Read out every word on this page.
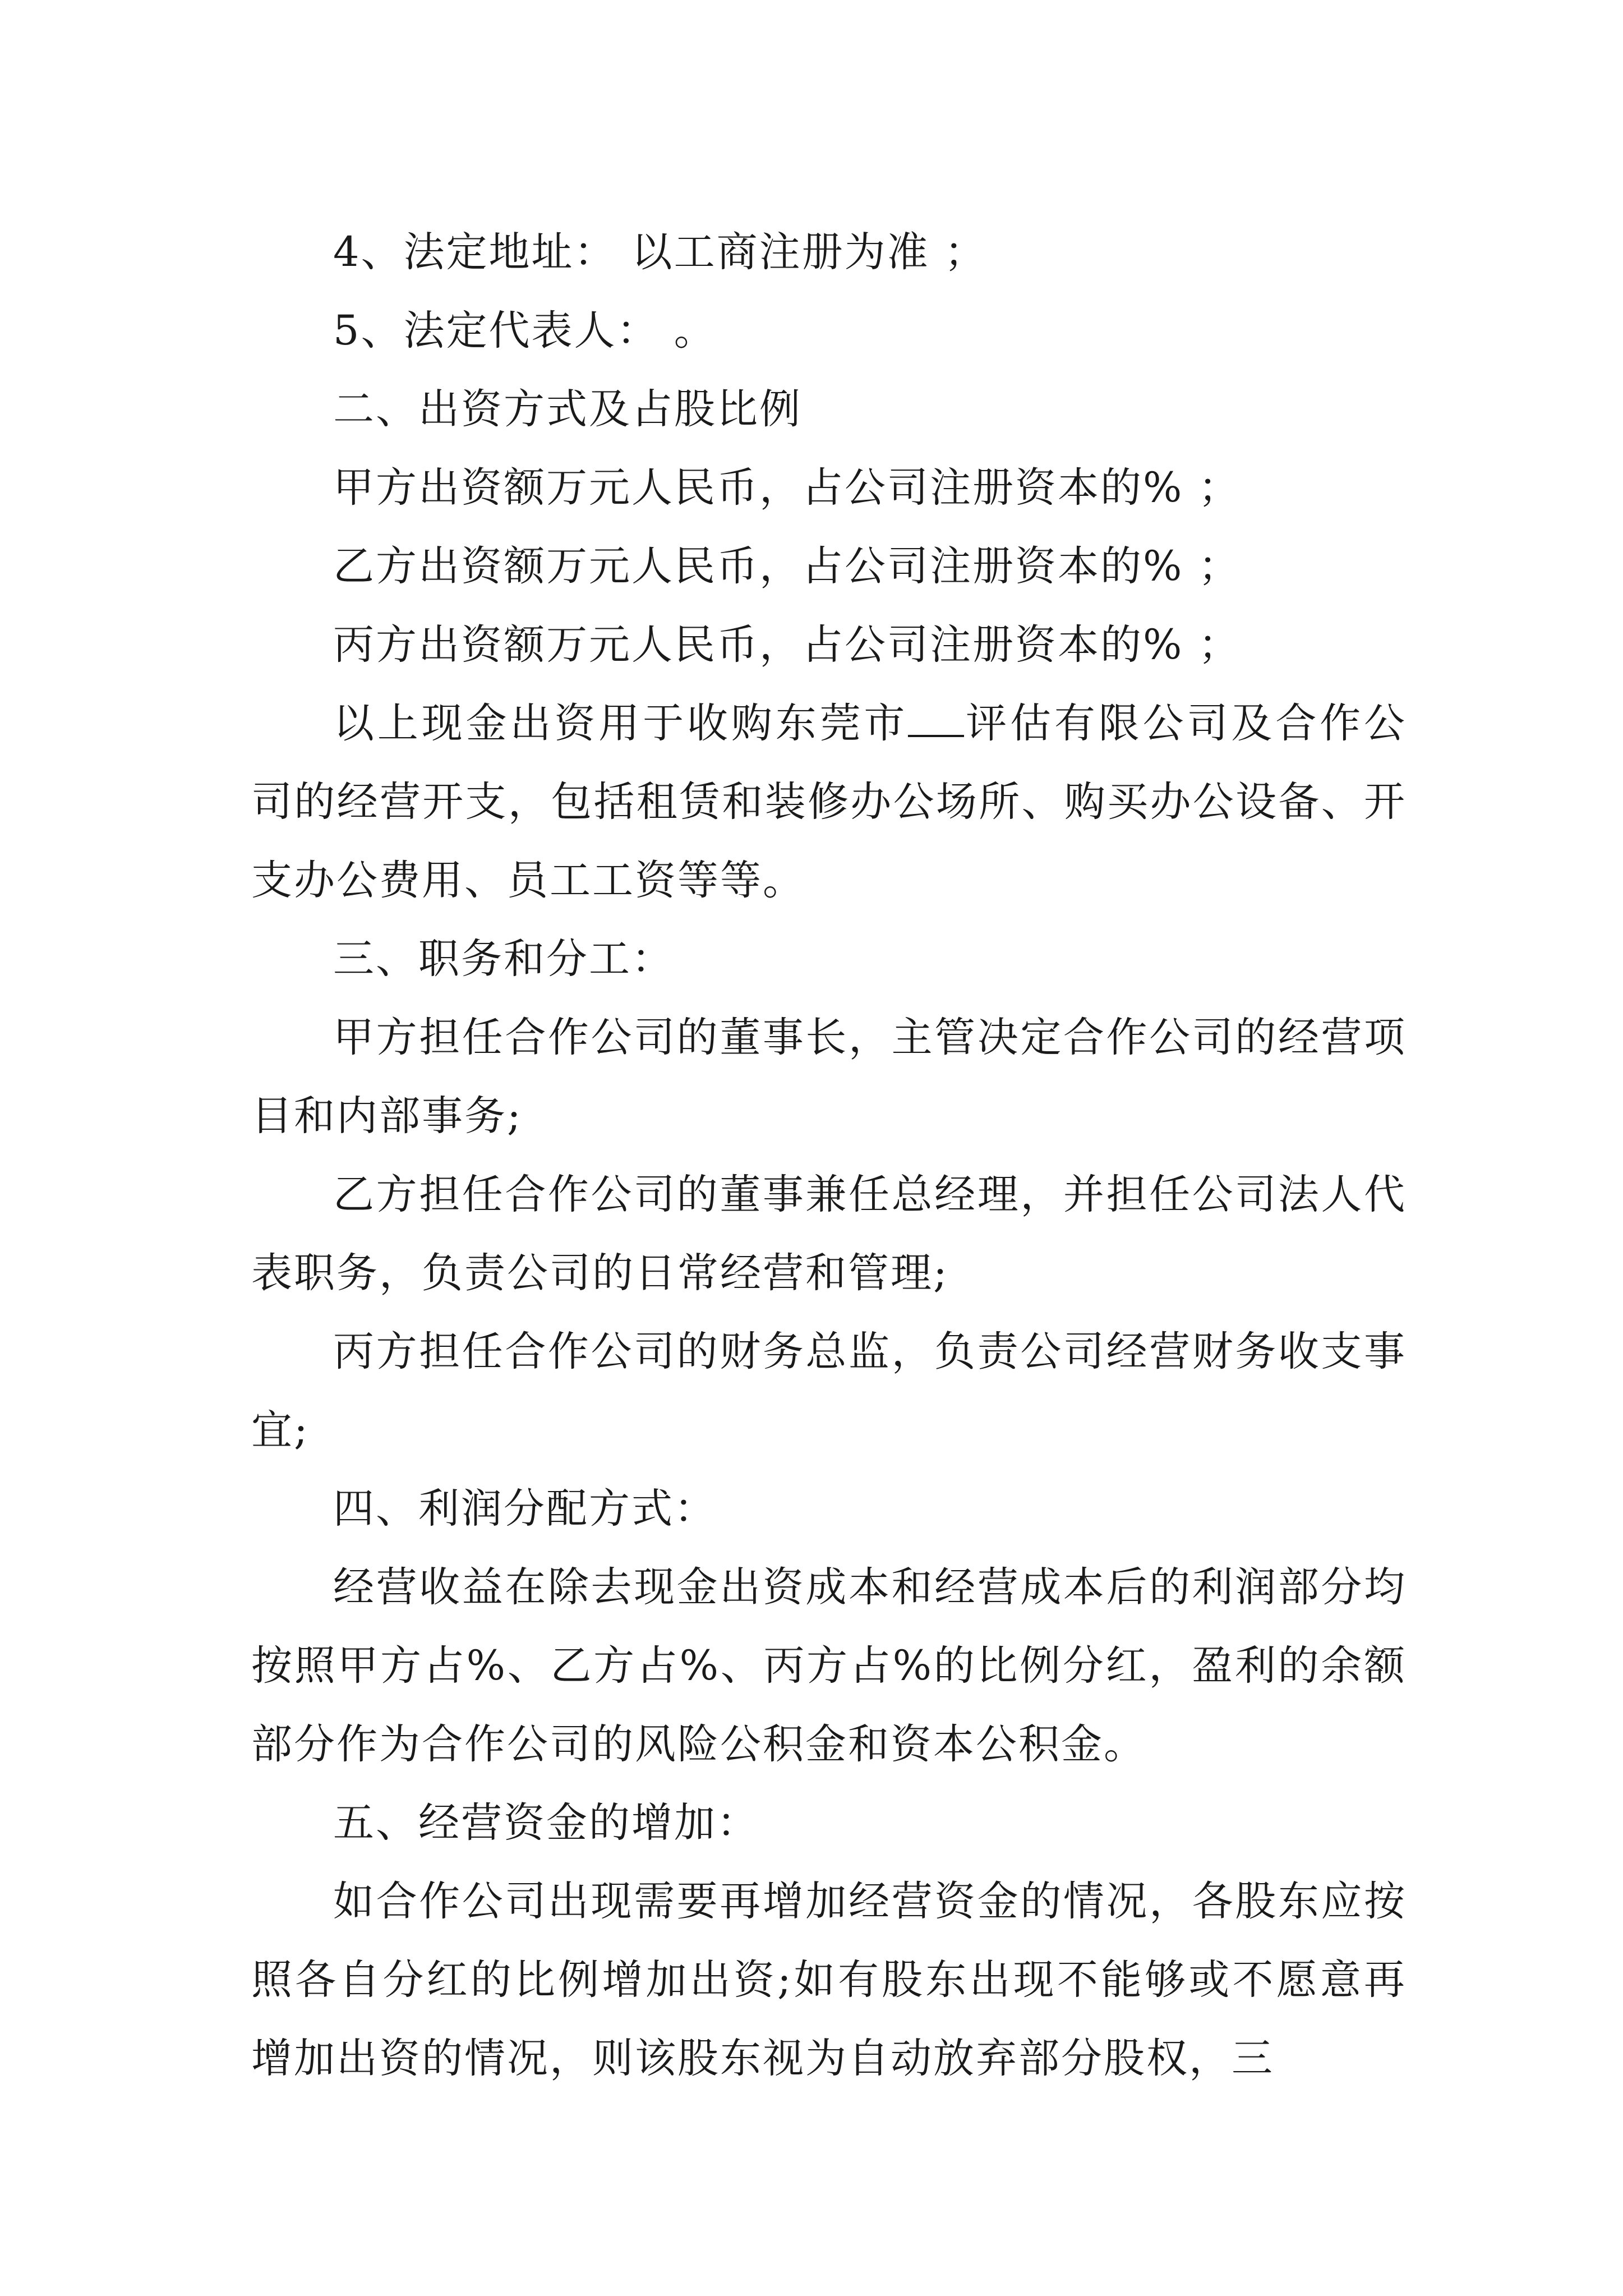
4、法定地址： 以工商注册为准 ；

5、法定代表人： 。

二、出资方式及占股比例

甲方出资额万元人民币，占公司注册资本的% ；

乙方出资额万元人民币，占公司注册资本的% ；

丙方出资额万元人民币，占公司注册资本的% ；

以上现金出资用于收购东莞市 评估有限公司及合作公司的经营开支，包括租赁和装修办公场所、购买办公设备、开支办公费用、员工工资等等。

三、职务和分工：

甲方担任合作公司的董事长，主管决定合作公司的经营项目和内部事务;

乙方担任合作公司的董事兼任总经理，并担任公司法人代表职务，负责公司的日常经营和管理;

丙方担任合作公司的财务总监，负责公司经营财务收支事宜;

四、利润分配方式：

经营收益在除去现金出资成本和经营成本后的利润部分均按照甲方占%、乙方占%、丙方占%的比例分红，盈利的余额部分作为合作公司的风险公积金和资本公积金。

五、经营资金的增加：

如合作公司出现需要再增加经营资金的情况，各股东应按照各自分红的比例增加出资;如有股东出现不能够或不愿意再增加出资的情况，则该股东视为自动放弃部分股权，三
